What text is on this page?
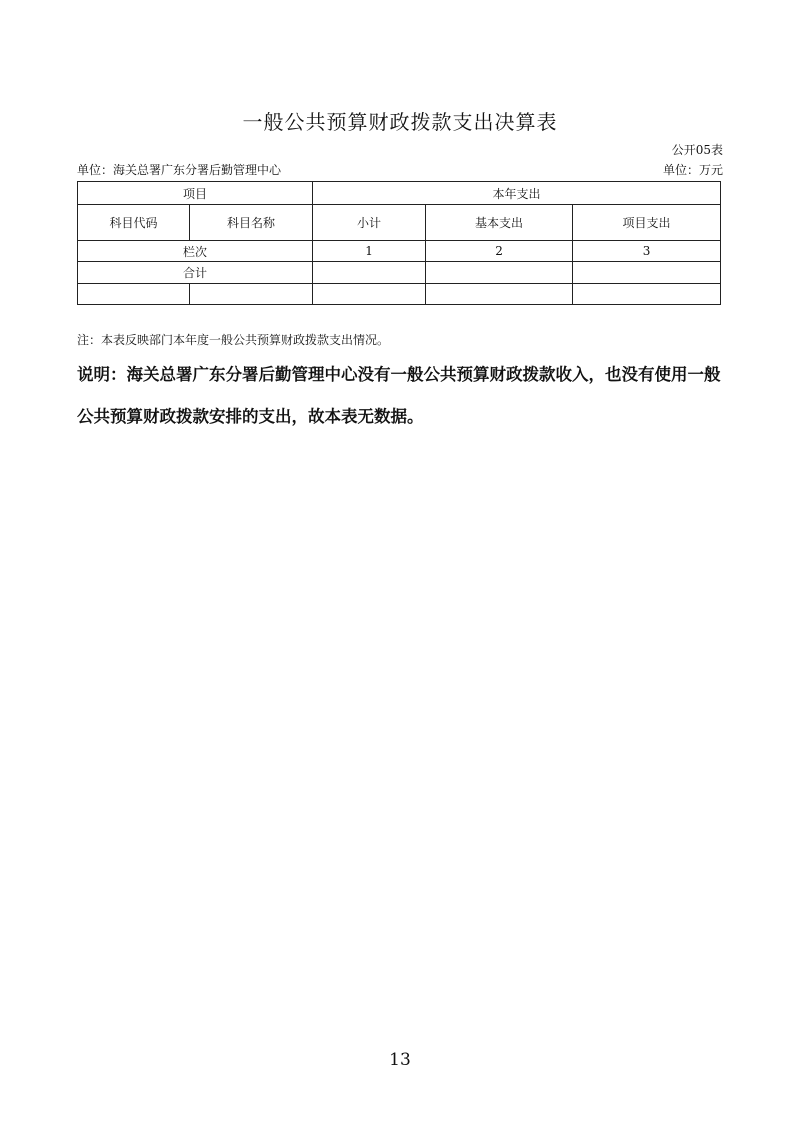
一般公共预算财政拨款支出决算表
公开05表
单位：海关总署广东分署后勤管理中心	单位：万元
项目		本年支出		
科目代码	科目名称	小计	基本支出	项目支出
栏次		1	2	3
合计				

注：本表反映部门本年度一般公共预算财政拨款支出情况。
说明：海关总署广东分署后勤管理中心没有一般公共预算财政拨款收入，也没有使用一般公共预算财政拨款安排的支出，故本表无数据。
13
